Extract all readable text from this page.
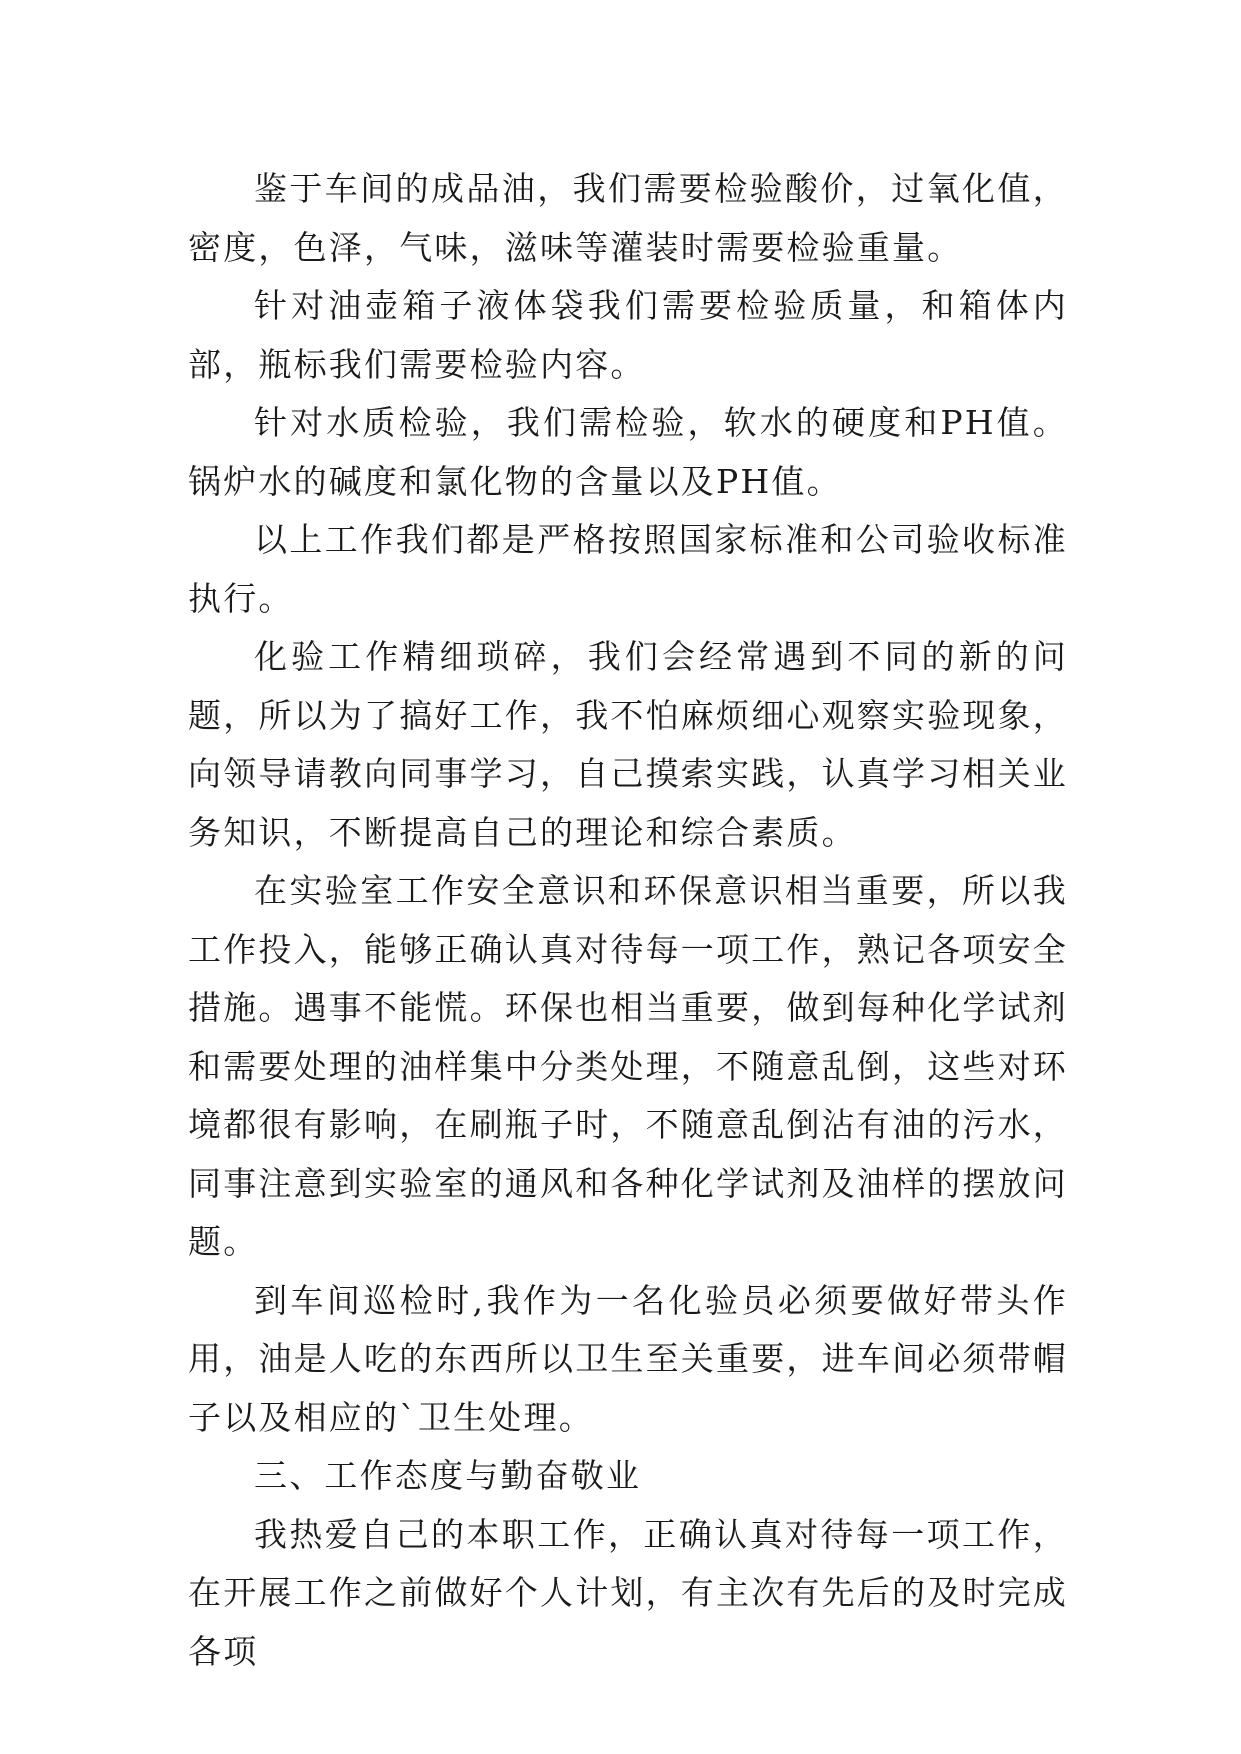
鉴于车间的成品油，我们需要检验酸价，过氧化值，密度，色泽，气味，滋味等灌装时需要检验重量。

针对油壶箱子液体袋我们需要检验质量，和箱体内部，瓶标我们需要检验内容。

针对水质检验，我们需检验，软水的硬度和PH值。锅炉水的碱度和氯化物的含量以及PH值。

以上工作我们都是严格按照国家标准和公司验收标准执行。

化验工作精细琐碎，我们会经常遇到不同的新的问题，所以为了搞好工作，我不怕麻烦细心观察实验现象，向领导请教向同事学习，自己摸索实践，认真学习相关业务知识，不断提高自己的理论和综合素质。

在实验室工作安全意识和环保意识相当重要，所以我工作投入，能够正确认真对待每一项工作，熟记各项安全措施。遇事不能慌。环保也相当重要，做到每种化学试剂和需要处理的油样集中分类处理，不随意乱倒，这些对环境都很有影响，在刷瓶子时，不随意乱倒沾有油的污水，同事注意到实验室的通风和各种化学试剂及油样的摆放问题。

到车间巡检时,我作为一名化验员必须要做好带头作用，油是人吃的东西所以卫生至关重要，进车间必须带帽子以及相应的`卫生处理。

三、工作态度与勤奋敬业

我热爱自己的本职工作，正确认真对待每一项工作，在开展工作之前做好个人计划，有主次有先后的及时完成各项
